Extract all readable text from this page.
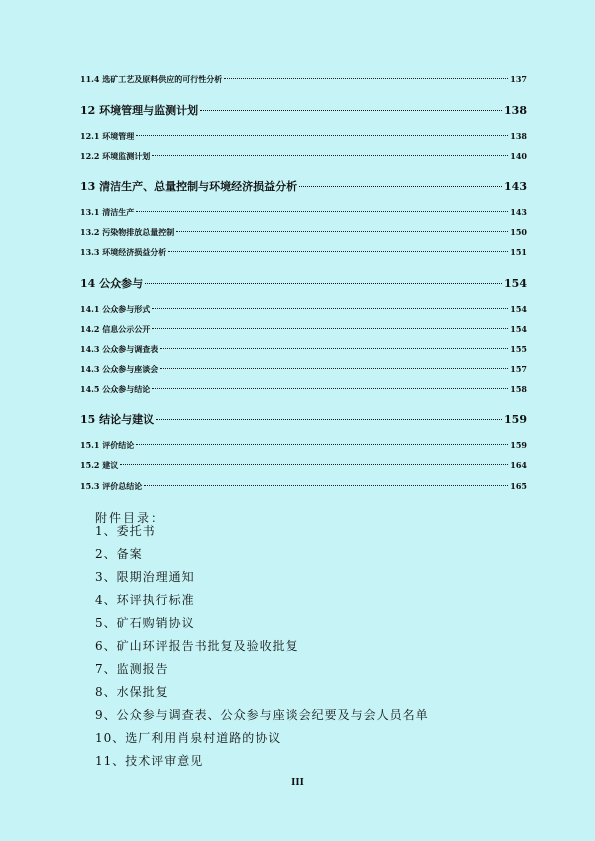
11.4 选矿工艺及原料供应的可行性分析	137
12 环境管理与监测计划	138
12.1 环境管理	138
12.2 环境监测计划	140
13 清洁生产、总量控制与环境经济损益分析	143
13.1 清洁生产	143
13.2 污染物排放总量控制	150
13.3 环境经济损益分析	151
14 公众参与	154
14.1 公众参与形式	154
14.2 信息公示公开	154
14.3 公众参与调查表	155
14.3 公众参与座谈会	157
14.5 公众参与结论	158
15 结论与建议	159
15.1 评价结论	159
15.2 建议	164
15.3 评价总结论	165
附件目录：
1、委托书
2、备案
3、限期治理通知
4、环评执行标准
5、矿石购销协议
6、矿山环评报告书批复及验收批复
7、监测报告
8、水保批复
9、公众参与调查表、公众参与座谈会纪要及与会人员名单
10、选厂利用肖泉村道路的协议
11、技术评审意见
III
